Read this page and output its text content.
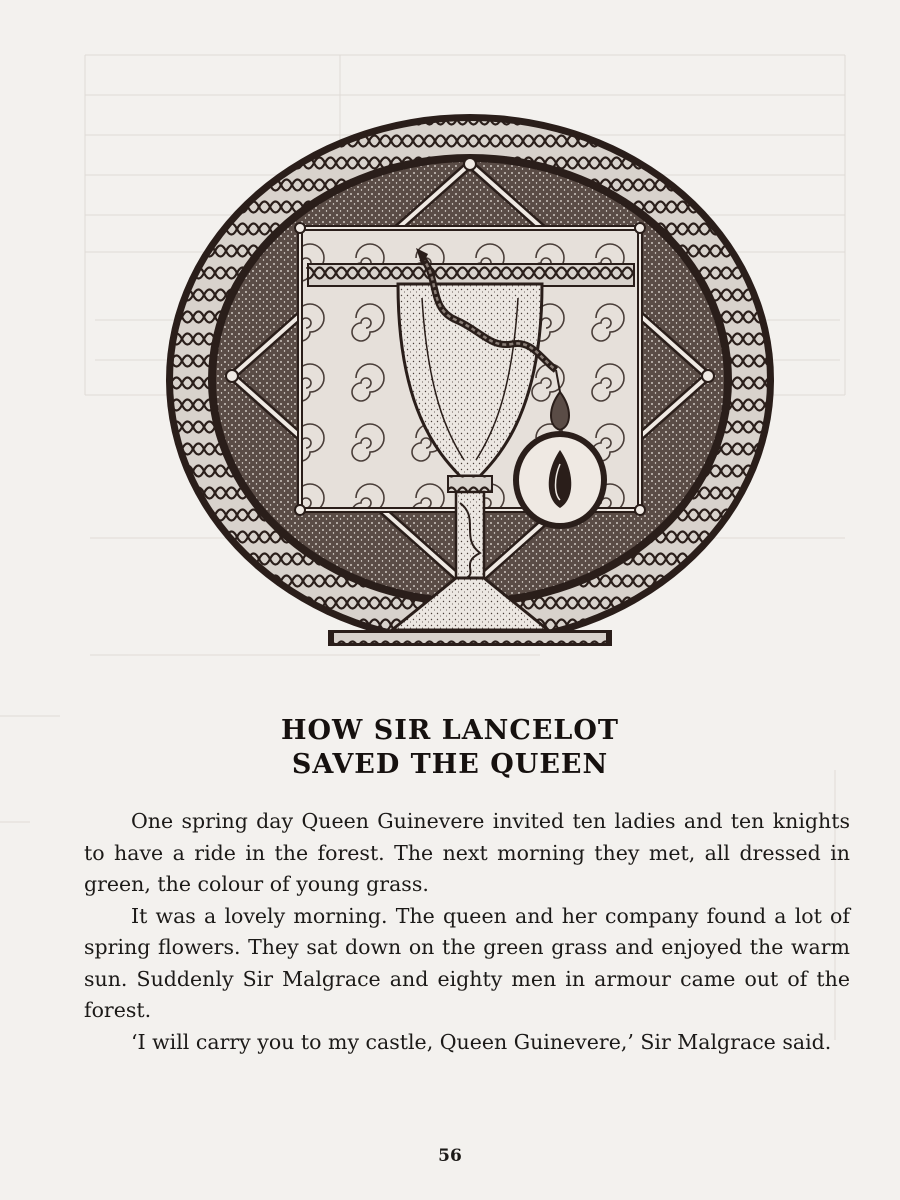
HOW SIR LANCELOT
SAVED THE QUEEN

One spring day Queen Guinevere invited ten ladies and ten knights to have a ride in the forest. The next morning they met, all dressed in green, the colour of young grass.

It was a lovely morning. The queen and her company found a lot of spring flowers. They sat down on the green grass and enjoyed the warm sun. Suddenly Sir Malgrace and eighty men in armour came out of the forest.

‘I will carry you to my castle, Queen Guinevere,’ Sir Malgrace said.

56
